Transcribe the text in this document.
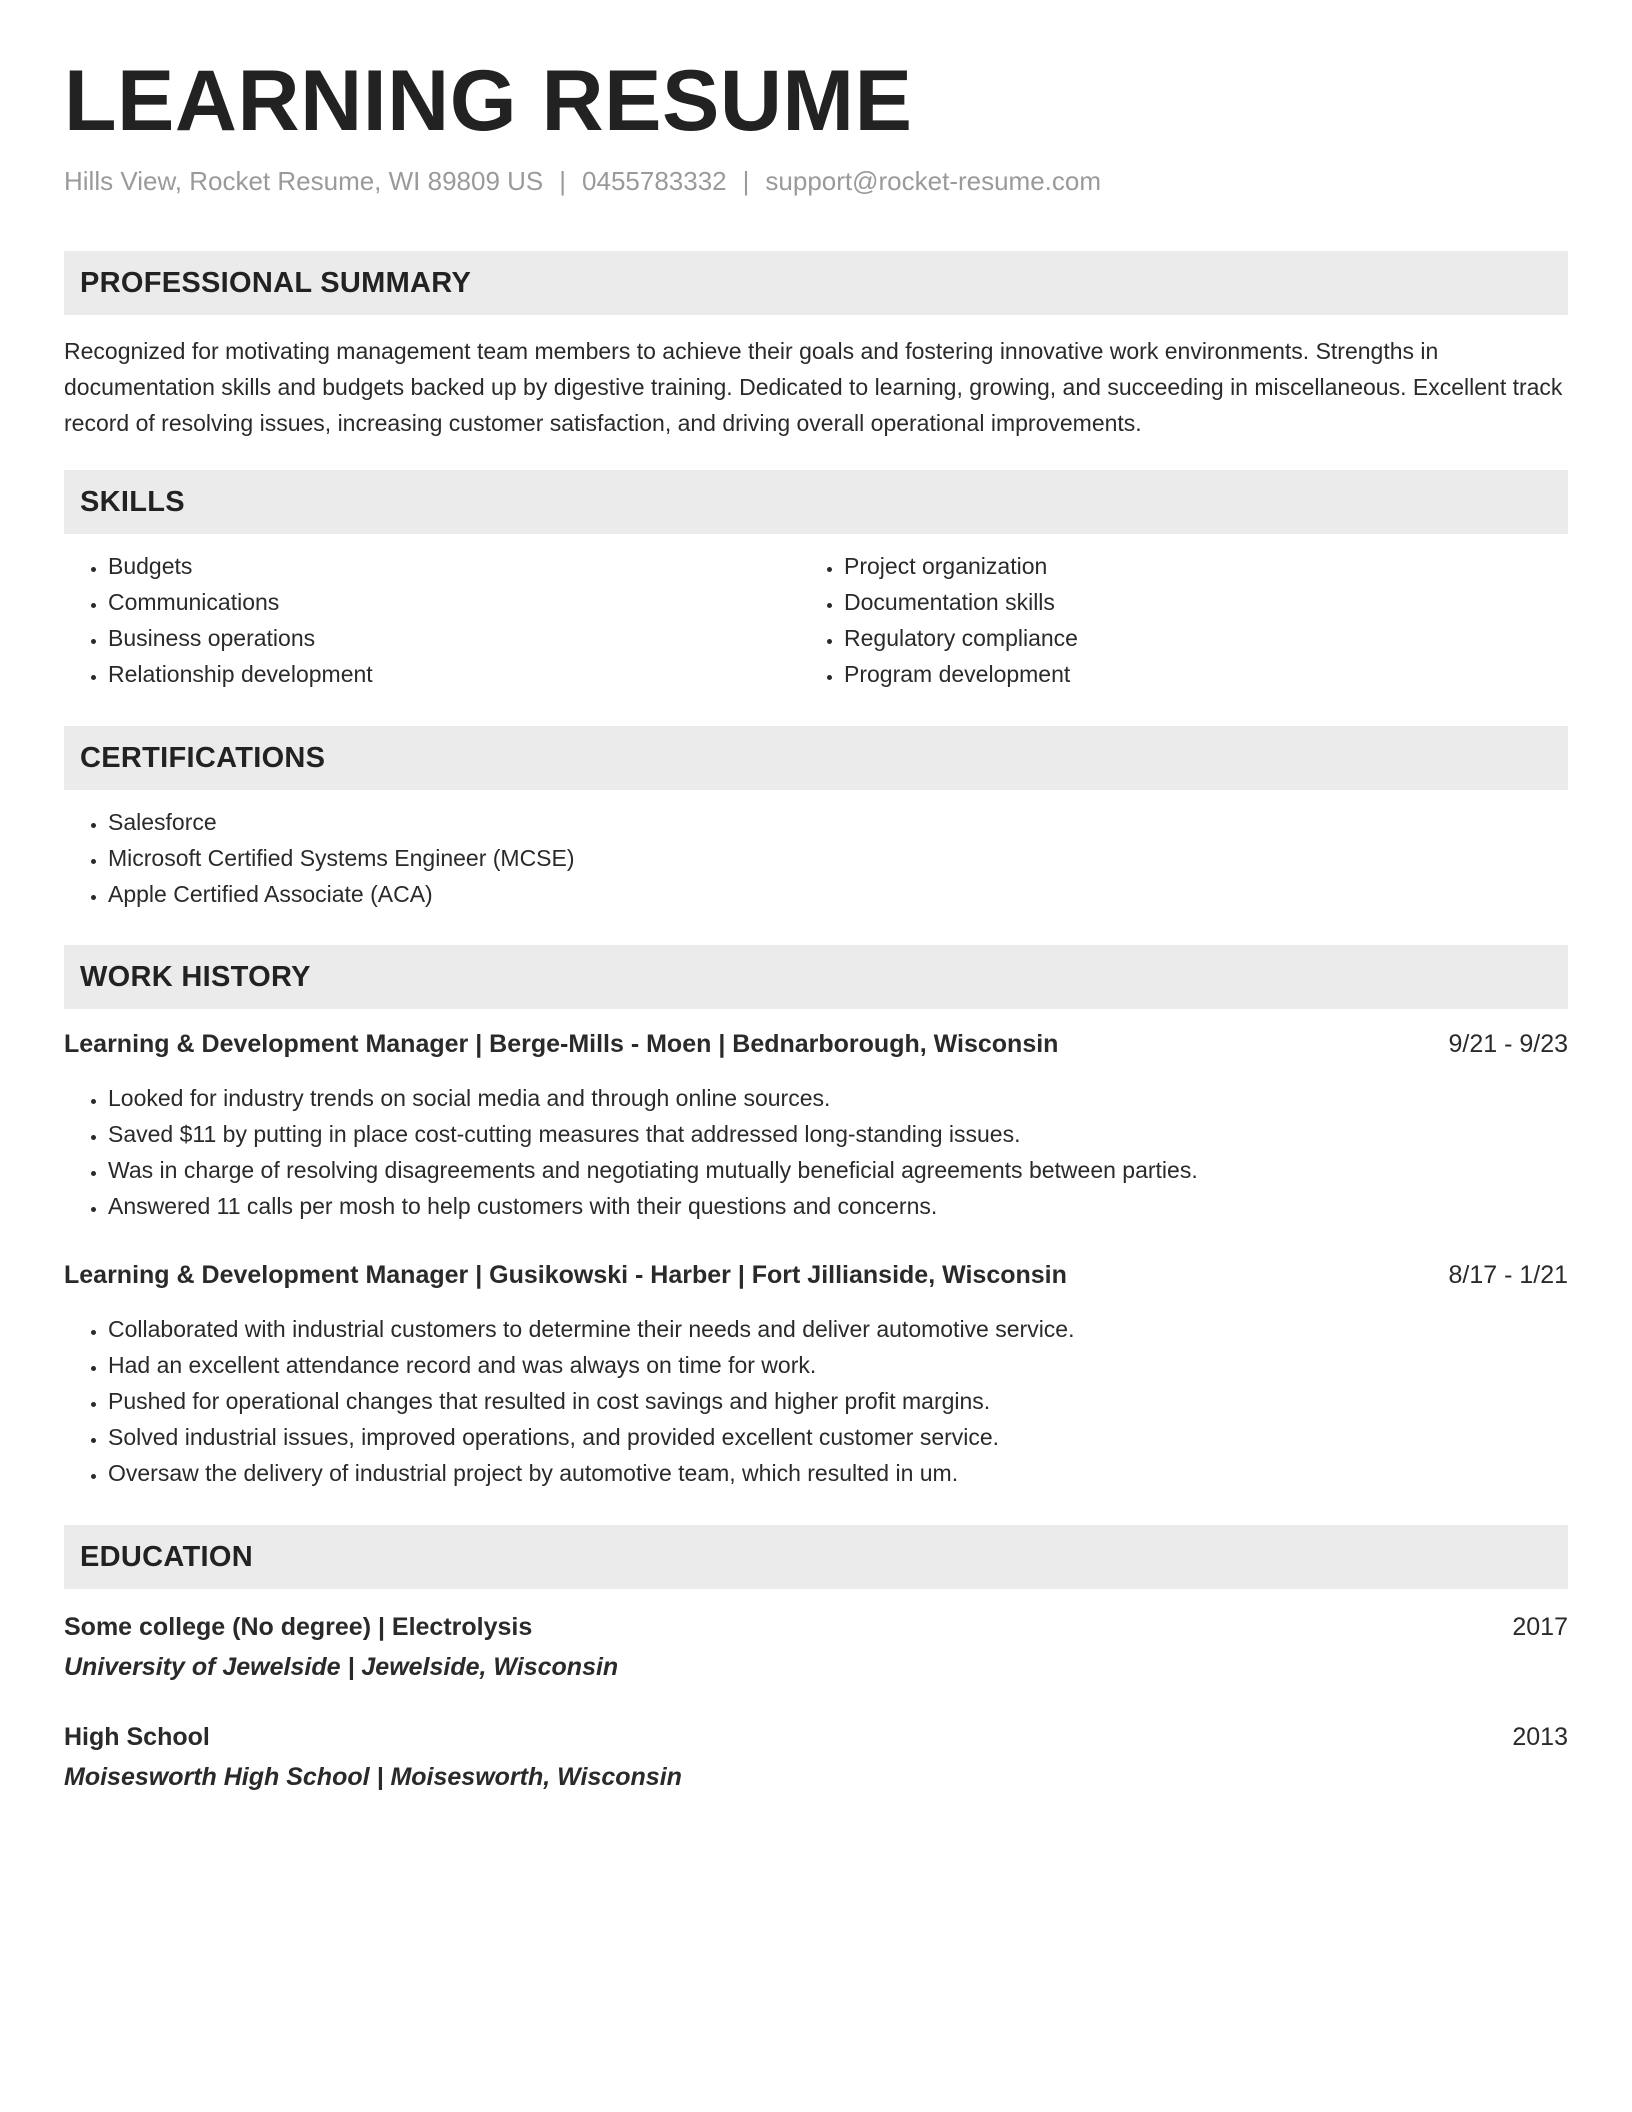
LEARNING RESUME
Hills View, Rocket Resume, WI 89809 US | 0455783332 | support@rocket-resume.com
PROFESSIONAL SUMMARY

Recognized for motivating management team members to achieve their goals and fostering innovative work environments. Strengths in documentation skills and budgets backed up by digestive training. Dedicated to learning, growing, and succeeding in miscellaneous. Excellent track record of resolving issues, increasing customer satisfaction, and driving overall operational improvements.

SKILLS
• Budgets
• Communications
• Business operations
• Relationship development
• Project organization
• Documentation skills
• Regulatory compliance
• Program development
CERTIFICATIONS
• Salesforce
• Microsoft Certified Systems Engineer (MCSE)
• Apple Certified Associate (ACA)
WORK HISTORY
Learning & Development Manager | Berge-Mills - Moen | Bednarborough, Wisconsin	9/21 - 9/23
• Looked for industry trends on social media and through online sources.
• Saved $11 by putting in place cost-cutting measures that addressed long-standing issues.
• Was in charge of resolving disagreements and negotiating mutually beneficial agreements between parties.
• Answered 11 calls per mosh to help customers with their questions and concerns.
Learning & Development Manager | Gusikowski - Harber | Fort Jillianside, Wisconsin	8/17 - 1/21
• Collaborated with industrial customers to determine their needs and deliver automotive service.
• Had an excellent attendance record and was always on time for work.
• Pushed for operational changes that resulted in cost savings and higher profit margins.
• Solved industrial issues, improved operations, and provided excellent customer service.
• Oversaw the delivery of industrial project by automotive team, which resulted in um.
EDUCATION
Some college (No degree) | Electrolysis	2017
University of Jewelside | Jewelside, Wisconsin
High School	2013
Moisesworth High School | Moisesworth, Wisconsin
